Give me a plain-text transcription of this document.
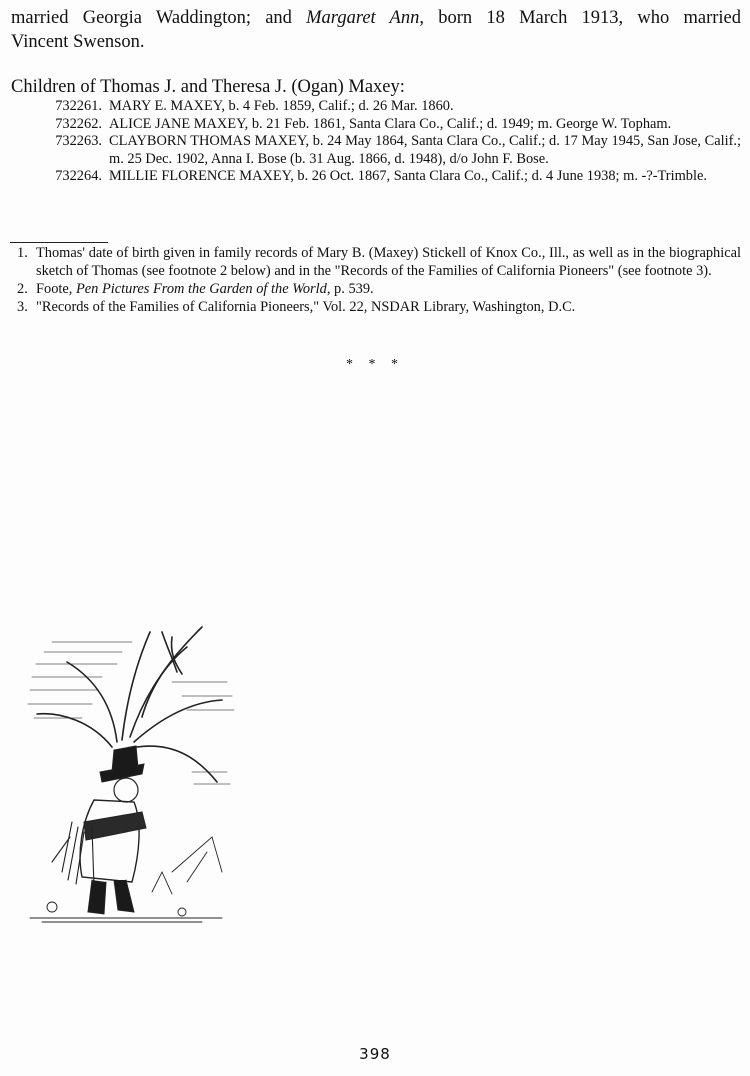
married Georgia Waddington; and Margaret Ann, born 18 March 1913, who married
Vincent Swenson.
Children of Thomas J. and Theresa J. (Ogan) Maxey:
732261. MARY E. MAXEY, b. 4 Feb. 1859, Calif.; d. 26 Mar. 1860.
732262. ALICE JANE MAXEY, b. 21 Feb. 1861, Santa Clara Co., Calif.; d. 1949; m. George W. Topham.
732263. CLAYBORN THOMAS MAXEY, b. 24 May 1864, Santa Clara Co., Calif.; d. 17 May 1945, San Jose, Calif.; m. 25 Dec. 1902, Anna I. Bose (b. 31 Aug. 1866, d. 1948), d/o John F. Bose.
732264. MILLIE FLORENCE MAXEY, b. 26 Oct. 1867, Santa Clara Co., Calif.; d. 4 June 1938; m. -?-Trimble.
1. Thomas' date of birth given in family records of Mary B. (Maxey) Stickell of Knox Co., Ill., as well as in the biographical sketch of Thomas (see footnote 2 below) and in the "Records of the Families of California Pioneers" (see footnote 3).
2. Foote, Pen Pictures From the Garden of the World, p. 539.
3. "Records of the Families of California Pioneers," Vol. 22, NSDAR Library, Washington, D.C.
* * *
398
